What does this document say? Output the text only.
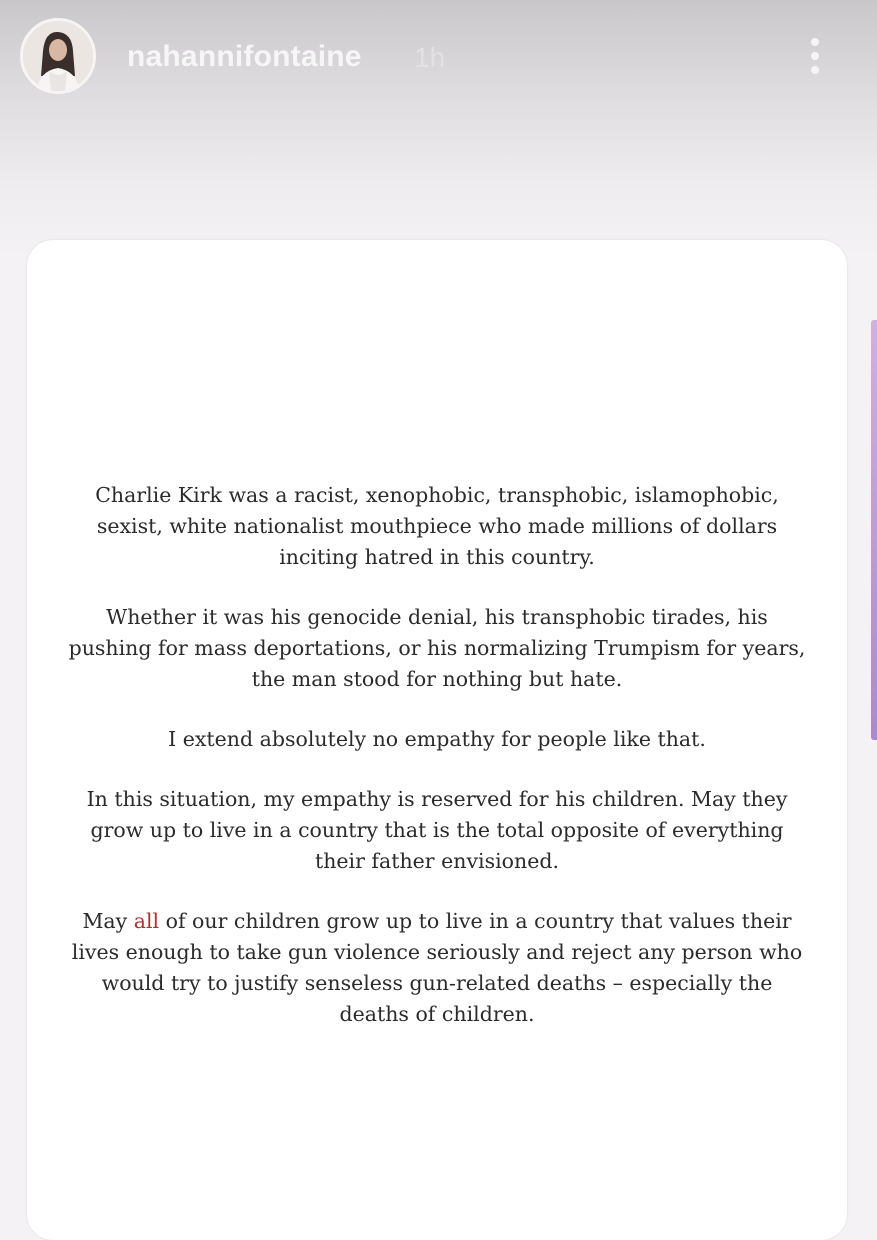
nahannifontaine 1h

Charlie Kirk was a racist, xenophobic, transphobic, islamophobic, sexist, white nationalist mouthpiece who made millions of dollars inciting hatred in this country.

Whether it was his genocide denial, his transphobic tirades, his pushing for mass deportations, or his normalizing Trumpism for years, the man stood for nothing but hate.

I extend absolutely no empathy for people like that.

In this situation, my empathy is reserved for his children. May they grow up to live in a country that is the total opposite of everything their father envisioned.

May all of our children grow up to live in a country that values their lives enough to take gun violence seriously and reject any person who would try to justify senseless gun-related deaths – especially the deaths of children.
